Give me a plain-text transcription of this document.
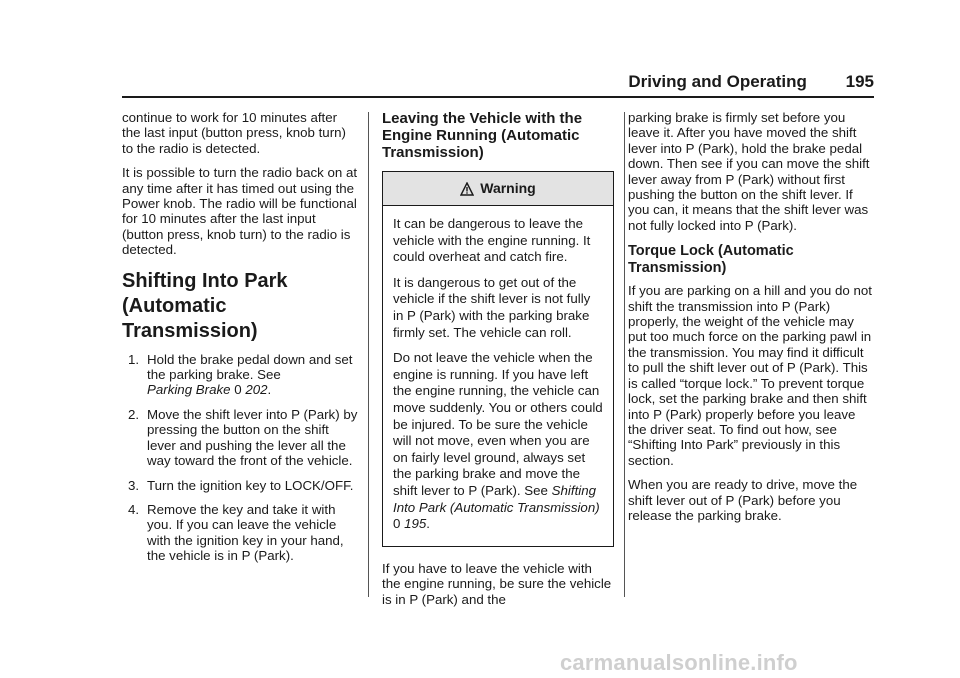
Driving and Operating 195

continue to work for 10 minutes after the last input (button press, knob turn) to the radio is detected.

It is possible to turn the radio back on at any time after it has timed out using the Power knob. The radio will be functional for 10 minutes after the last input (button press, knob turn) to the radio is detected.

Shifting Into Park
(Automatic Transmission)
1. Hold the brake pedal down and set the parking brake. See
Parking Brake 0 202.
2. Move the shift lever into P (Park) by pressing the button on the shift lever and pushing the lever all the way toward the front of the vehicle.
3. Turn the ignition key to LOCK/OFF.
4. Remove the key and take it with you. If you can leave the vehicle with the ignition key in your hand, the vehicle is in P (Park).
Leaving the Vehicle with the Engine Running (Automatic Transmission)
Warning

It can be dangerous to leave the vehicle with the engine running. It could overheat and catch fire.

It is dangerous to get out of the vehicle if the shift lever is not fully in P (Park) with the parking brake firmly set. The vehicle can roll.

Do not leave the vehicle when the engine is running. If you have left the engine running, the vehicle can move suddenly. You or others could be injured. To be sure the vehicle will not move, even when you are on fairly level ground, always set the parking brake and move the shift lever to P (Park). See Shifting Into Park (Automatic Transmission) 0 195.

If you have to leave the vehicle with the engine running, be sure the vehicle is in P (Park) and the

parking brake is firmly set before you leave it. After you have moved the shift lever into P (Park), hold the brake pedal down. Then see if you can move the shift lever away from P (Park) without first pushing the button on the shift lever. If you can, it means that the shift lever was not fully locked into P (Park).

Torque Lock (Automatic Transmission)

If you are parking on a hill and you do not shift the transmission into P (Park) properly, the weight of the vehicle may put too much force on the parking pawl in the transmission. You may find it difficult to pull the shift lever out of P (Park). This is called “torque lock.” To prevent torque lock, set the parking brake and then shift into P (Park) properly before you leave the driver seat. To find out how, see “Shifting Into Park” previously in this section.

When you are ready to drive, move the shift lever out of P (Park) before you release the parking brake.

carmanualsonline.info
